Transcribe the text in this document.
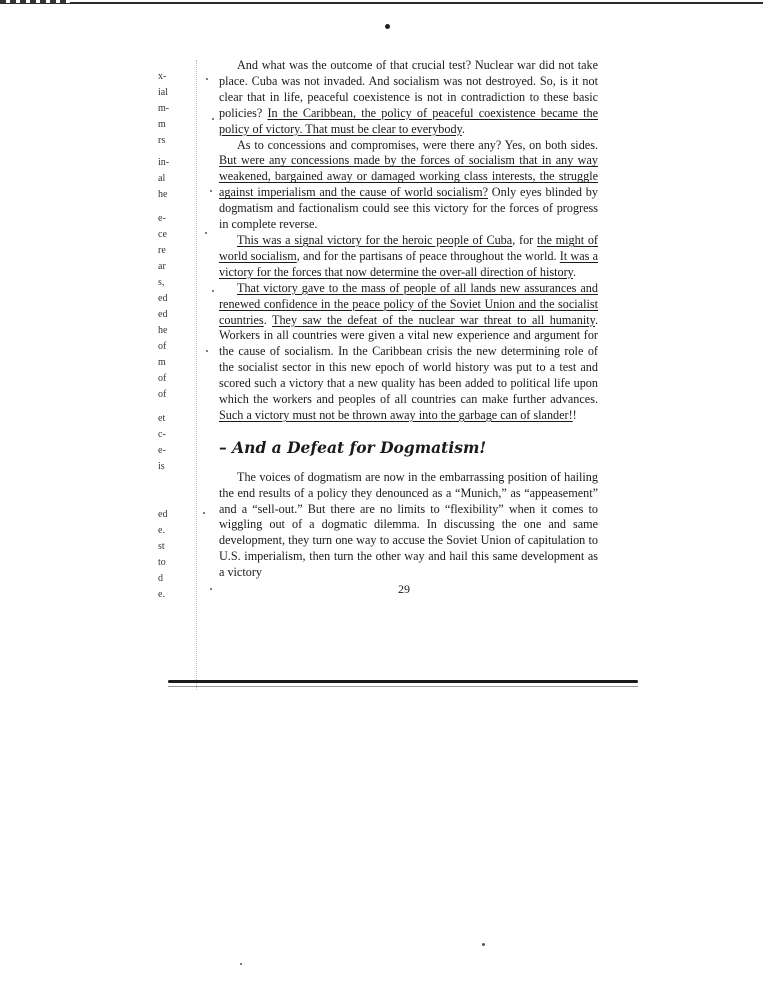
x-
ial
m-
m
rs
in-
al
he
e-
ce
re
ar
s,
ed
ed
he
of
m
of
of
et
c-
e-
is
ed
e.
st
to
d
e.

And what was the outcome of that crucial test? Nuclear war did not take place. Cuba was not invaded. And socialism was not destroyed. So, is it not clear that in life, peaceful coexistence is not in contradiction to these basic policies? In the Caribbean, the policy of peaceful coexistence became the policy of victory. That must be clear to everybody.

As to concessions and compromises, were there any? Yes, on both sides. But were any concessions made by the forces of socialism that in any way weakened, bargained away or damaged working class interests, the struggle against imperialism and the cause of world socialism? Only eyes blinded by dogmatism and factionalism could see this victory for the forces of progress in complete reverse.

This was a signal victory for the heroic people of Cuba, for the might of world socialism, and for the partisans of peace throughout the world. It was a victory for the forces that now determine the over-all direction of history.

That victory gave to the mass of people of all lands new assurances and renewed confidence in the peace policy of the Soviet Union and the socialist countries. They saw the defeat of the nuclear war threat to all humanity. Workers in all countries were given a vital new experience and argument for the cause of socialism. In the Caribbean crisis the new determining role of the socialist sector in this new epoch of world history was put to a test and scored such a victory that a new quality has been added to political life upon which the workers and peoples of all countries can make further advances. Such a victory must not be thrown away into the garbage can of slander!!

– And a Defeat for Dogmatism!

The voices of dogmatism are now in the embarrassing position of hailing the end results of a policy they denounced as a “Munich,” as “appeasement” and a “sell-out.” But there are no limits to “flexibility” when it comes to wiggling out of a dogmatic dilemma. In discussing the one and same development, they turn one way to accuse the Soviet Union of capitulation to U.S. imperialism, then turn the other way and hail this same development as a victory

29
